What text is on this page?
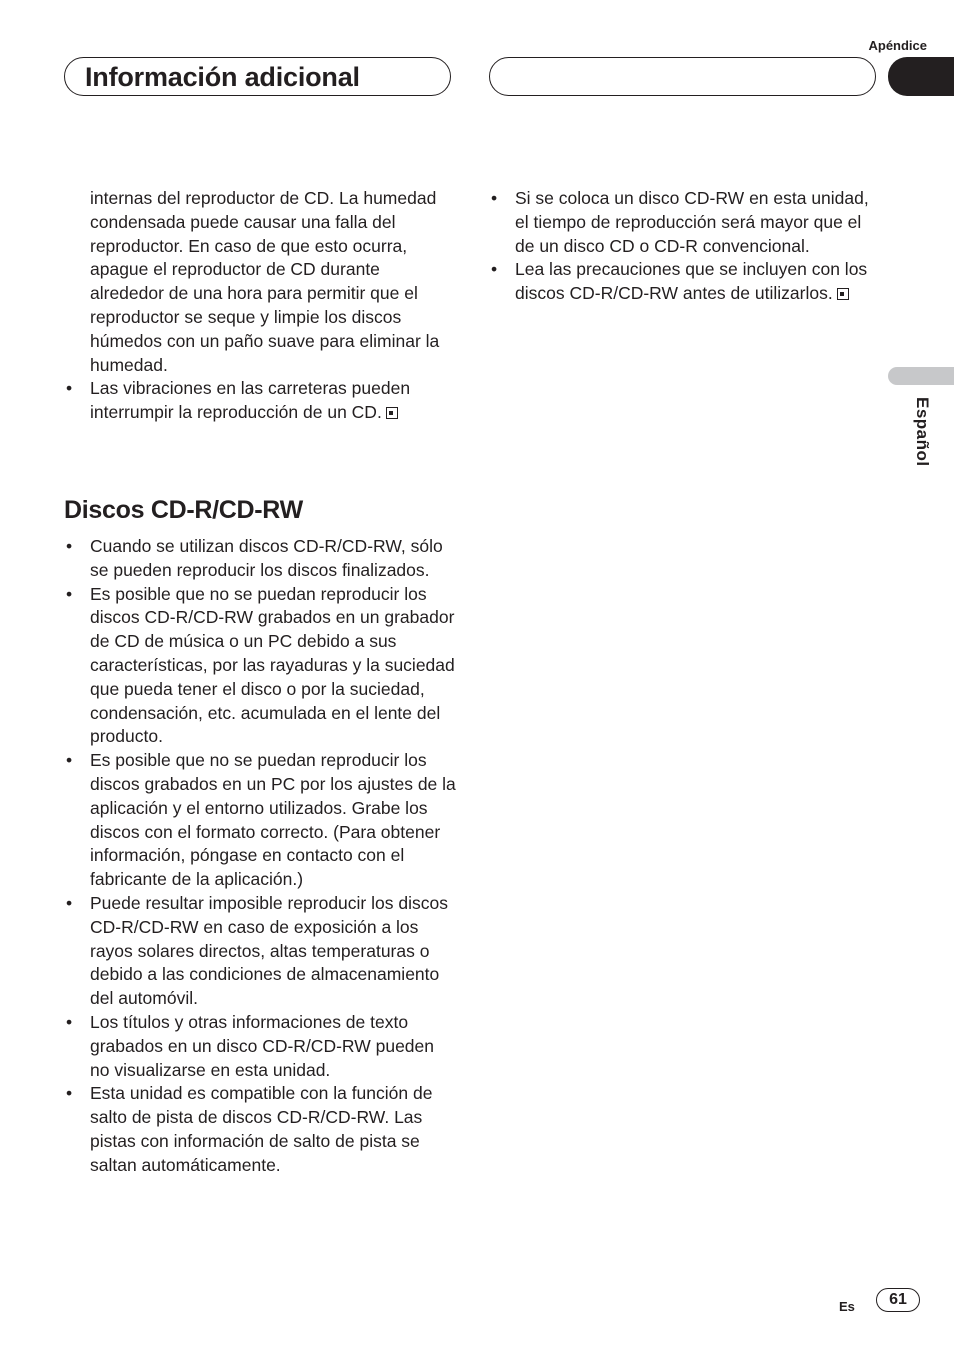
Apéndice
Información adicional
Español

internas del reproductor de CD. La humedad condensada puede causar una falla del reproductor. En caso de que esto ocurra, apague el reproductor de CD durante alrededor de una hora para permitir que el reproductor se seque y limpie los discos húmedos con un paño suave para eliminar la humedad.

• Las vibraciones en las carreteras pueden interrumpir la reproducción de un CD.
Discos CD-R/CD-RW
• Cuando se utilizan discos CD-R/CD-RW, sólo se pueden reproducir los discos finalizados.
• Es posible que no se puedan reproducir los discos CD-R/CD-RW grabados en un grabador de CD de música o un PC debido a sus características, por las rayaduras y la suciedad que pueda tener el disco o por la suciedad, condensación, etc. acumulada en el lente del producto.
• Es posible que no se puedan reproducir los discos grabados en un PC por los ajustes de la aplicación y el entorno utilizados. Grabe los discos con el formato correcto. (Para obtener información, póngase en contacto con el fabricante de la aplicación.)
• Puede resultar imposible reproducir los discos CD-R/CD-RW en caso de exposición a los rayos solares directos, altas temperaturas o debido a las condiciones de almacenamiento del automóvil.
• Los títulos y otras informaciones de texto grabados en un disco CD-R/CD-RW pueden no visualizarse en esta unidad.
• Esta unidad es compatible con la función de salto de pista de discos CD-R/CD-RW. Las pistas con información de salto de pista se saltan automáticamente.
• Si se coloca un disco CD-RW en esta unidad, el tiempo de reproducción será mayor que el de un disco CD o CD-R convencional.
• Lea las precauciones que se incluyen con los discos CD-R/CD-RW antes de utilizarlos.
Es	61
